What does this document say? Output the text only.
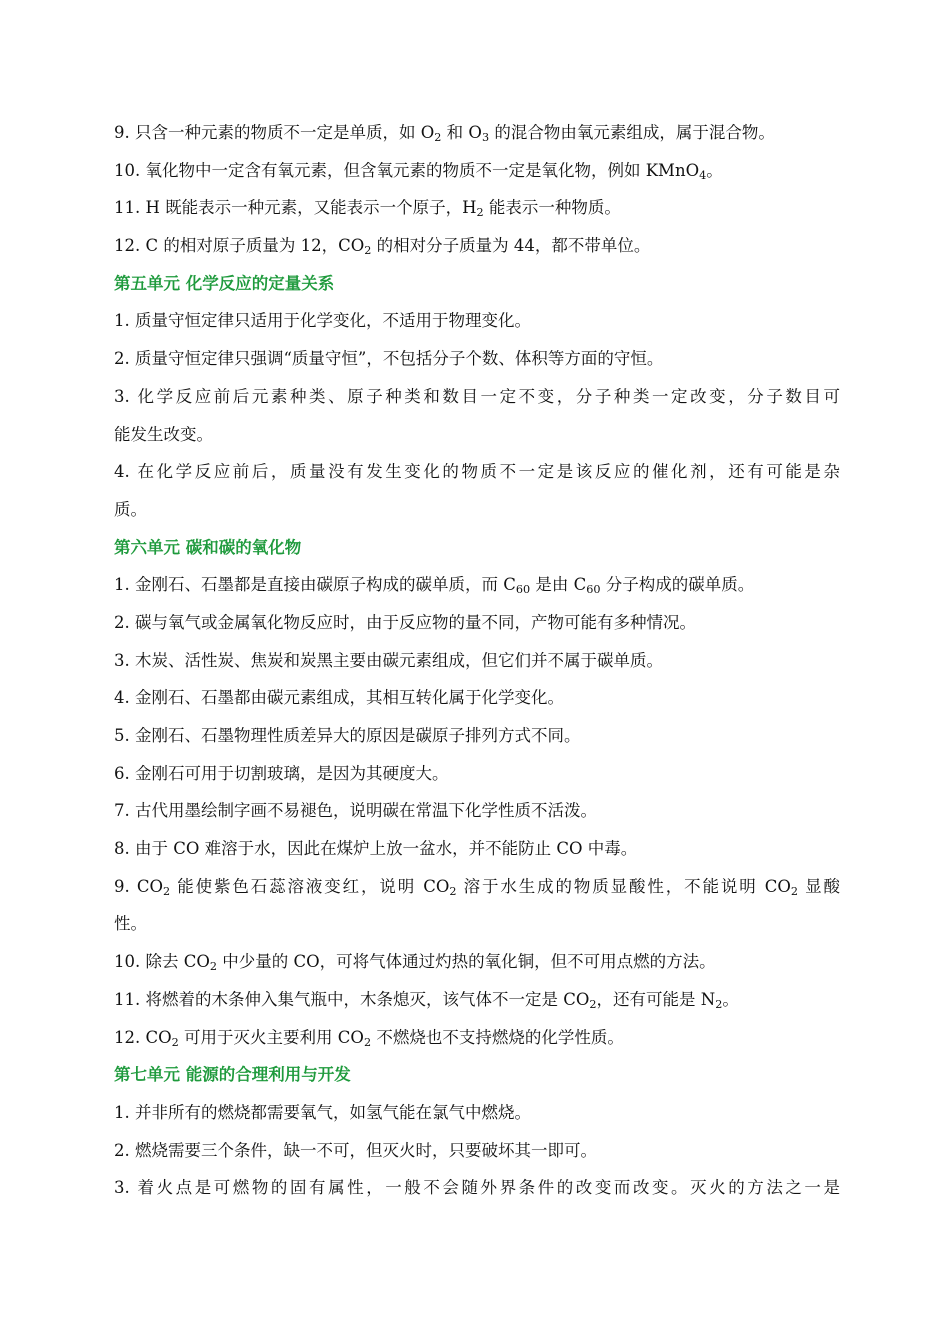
9. 只含一种元素的物质不一定是单质，如 $O_2$ 和 $O_3$ 的混合物由氧元素组成，属于混合物。
10. 氧化物中一定含有氧元素，但含氧元素的物质不一定是氧化物，例如 KMnO$_4$。
11. H 既能表示一种元素，又能表示一个原子，$H_2$ 能表示一种物质。
12. C 的相对原子质量为 12，$CO_2$ 的相对分子质量为 44，都不带单位。
第五单元 化学反应的定量关系
1. 质量守恒定律只适用于化学变化，不适用于物理变化。
2. 质量守恒定律只强调“质量守恒”，不包括分子个数、体积等方面的守恒。
3. 化学反应前后元素种类、原子种类和数目一定不变，分子种类一定改变，分子数目可
能发生改变。
4. 在化学反应前后，质量没有发生变化的物质不一定是该反应的催化剂，还有可能是杂
质。
第六单元 碳和碳的氧化物
1. 金刚石、石墨都是直接由碳原子构成的碳单质，而 $C_{60}$ 是由 $C_{60}$ 分子构成的碳单质。
2. 碳与氧气或金属氧化物反应时，由于反应物的量不同，产物可能有多种情况。
3. 木炭、活性炭、焦炭和炭黑主要由碳元素组成，但它们并不属于碳单质。
4. 金刚石、石墨都由碳元素组成，其相互转化属于化学变化。
5. 金刚石、石墨物理性质差异大的原因是碳原子排列方式不同。
6. 金刚石可用于切割玻璃，是因为其硬度大。
7. 古代用墨绘制字画不易褪色，说明碳在常温下化学性质不活泼。
8. 由于 CO 难溶于水，因此在煤炉上放一盆水，并不能防止 CO 中毒。
9. $CO_2$ 能使紫色石蕊溶液变红，说明 $CO_2$ 溶于水生成的物质显酸性，不能说明 $CO_2$ 显酸
性。
10. 除去 $CO_2$ 中少量的 CO，可将气体通过灼热的氧化铜，但不可用点燃的方法。
11. 将燃着的木条伸入集气瓶中，木条熄灭，该气体不一定是 $CO_2$，还有可能是 $N_2$。
12. $CO_2$ 可用于灭火主要利用 $CO_2$ 不燃烧也不支持燃烧的化学性质。
第七单元 能源的合理利用与开发
1. 并非所有的燃烧都需要氧气，如氢气能在氯气中燃烧。
2. 燃烧需要三个条件，缺一不可，但灭火时，只要破坏其一即可。
3. 着火点是可燃物的固有属性，一般不会随外界条件的改变而改变。灭火的方法之一是
